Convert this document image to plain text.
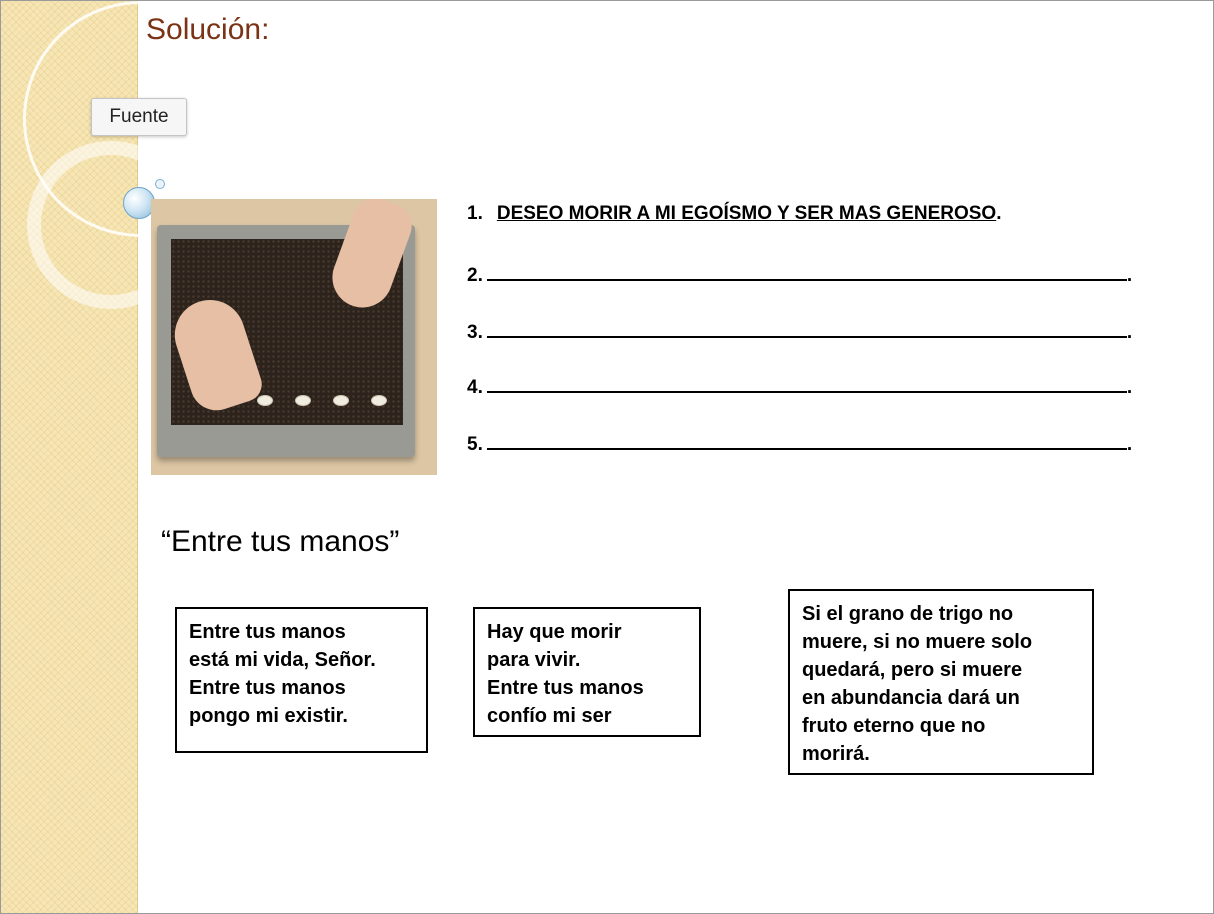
Solución:
Fuente
1. DESEO MORIR A MI EGOÍSMO Y SER MAS GENEROSO.
2.	.
3.	.
4.	.
5.	.
“Entre tus manos”

Entre tus manos

está mi vida, Señor.

Entre tus manos

pongo mi existir.

Hay que morir

para vivir.

Entre tus manos

confío mi ser

Si el grano de trigo no

muere, si no muere solo

quedará, pero si muere

en abundancia dará un

fruto eterno que no

morirá.
